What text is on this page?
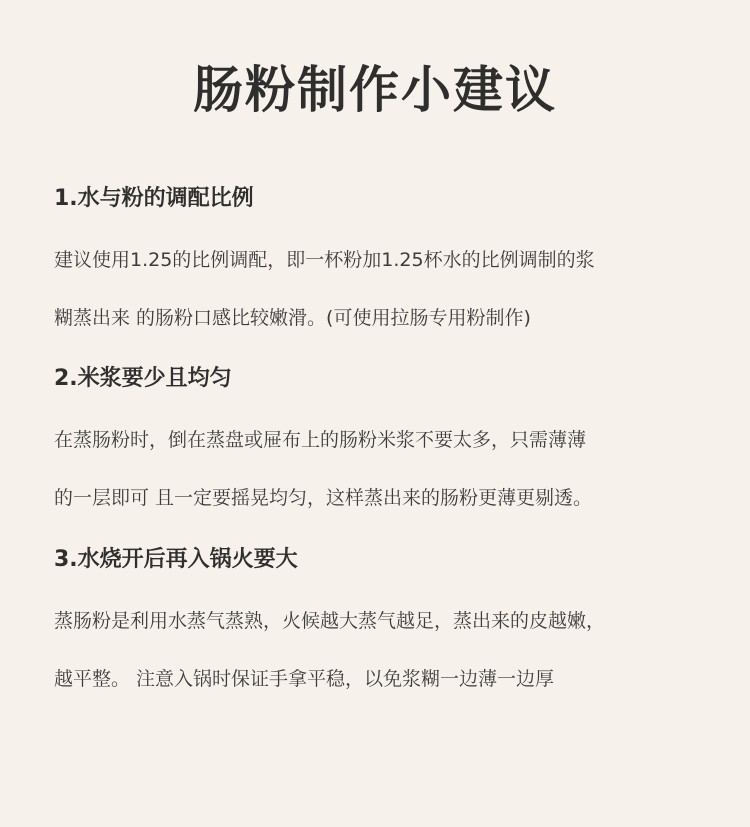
肠粉制作小建议
1.水与粉的调配比例
建议使用1.25的比例调配，即一杯粉加1.25杯水的比例调制的浆
糊蒸出来 的肠粉口感比较嫩滑。(可使用拉肠专用粉制作)
2.米浆要少且均匀
在蒸肠粉时，倒在蒸盘或屉布上的肠粉米浆不要太多，只需薄薄
的一层即可 且一定要摇晃均匀，这样蒸出来的肠粉更薄更剔透。
3.水烧开后再入锅火要大
蒸肠粉是利用水蒸气蒸熟，火候越大蒸气越足，蒸出来的皮越嫩，
越平整。 注意入锅时保证手拿平稳，以免浆糊一边薄一边厚
